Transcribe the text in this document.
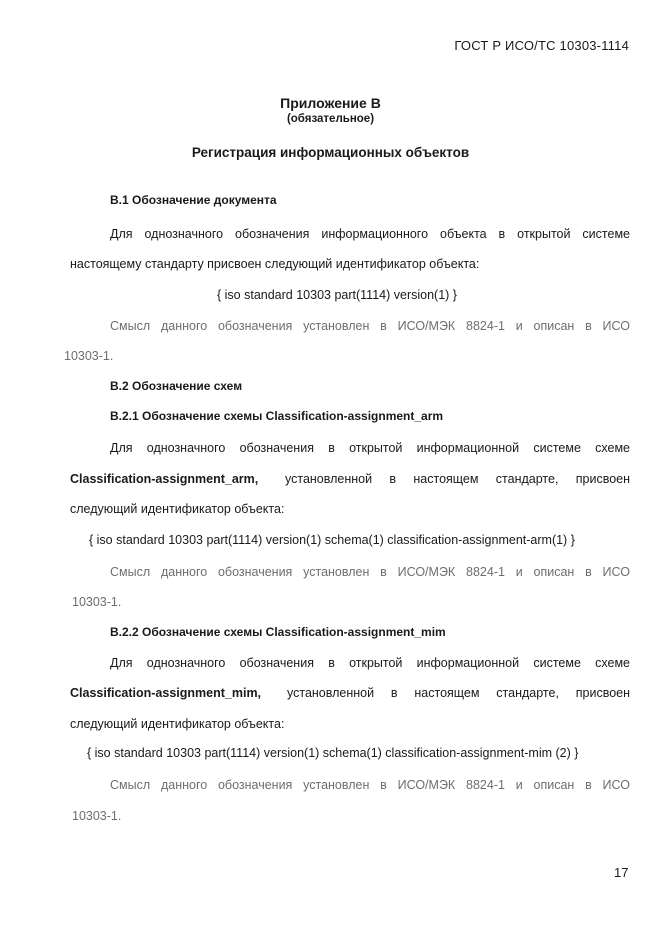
ГОСТ Р ИСО/ТС 10303-1114
Приложение В
(обязательное)
Регистрация информационных объектов
В.1 Обозначение документа
Для однозначного обозначения информационного объекта в открытой системе
настоящему стандарту присвоен следующий идентификатор объекта:
{ iso standard 10303 part(1114) version(1) }
Смысл данного обозначения установлен в ИСО/МЭК 8824-1 и описан в ИСО
10303-1.
В.2 Обозначение схем
В.2.1 Обозначение схемы Classification-assignment_arm
Для однозначного обозначения в открытой информационной системе схеме
Classification-assignment_arm, установленной в настоящем стандарте, присвоен
следующий идентификатор объекта:
{ iso standard 10303 part(1114) version(1) schema(1) classification-assignment-arm(1) }
Смысл данного обозначения установлен в ИСО/МЭК 8824-1 и описан в ИСО
10303-1.
В.2.2 Обозначение схемы Classification-assignment_mim
Для однозначного обозначения в открытой информационной системе схеме
Classification-assignment_mim, установленной в настоящем стандарте, присвоен
следующий идентификатор объекта:
{ iso standard 10303 part(1114) version(1) schema(1) classification-assignment-mim (2) }
Смысл данного обозначения установлен в ИСО/МЭК 8824-1 и описан в ИСО
10303-1.
17
